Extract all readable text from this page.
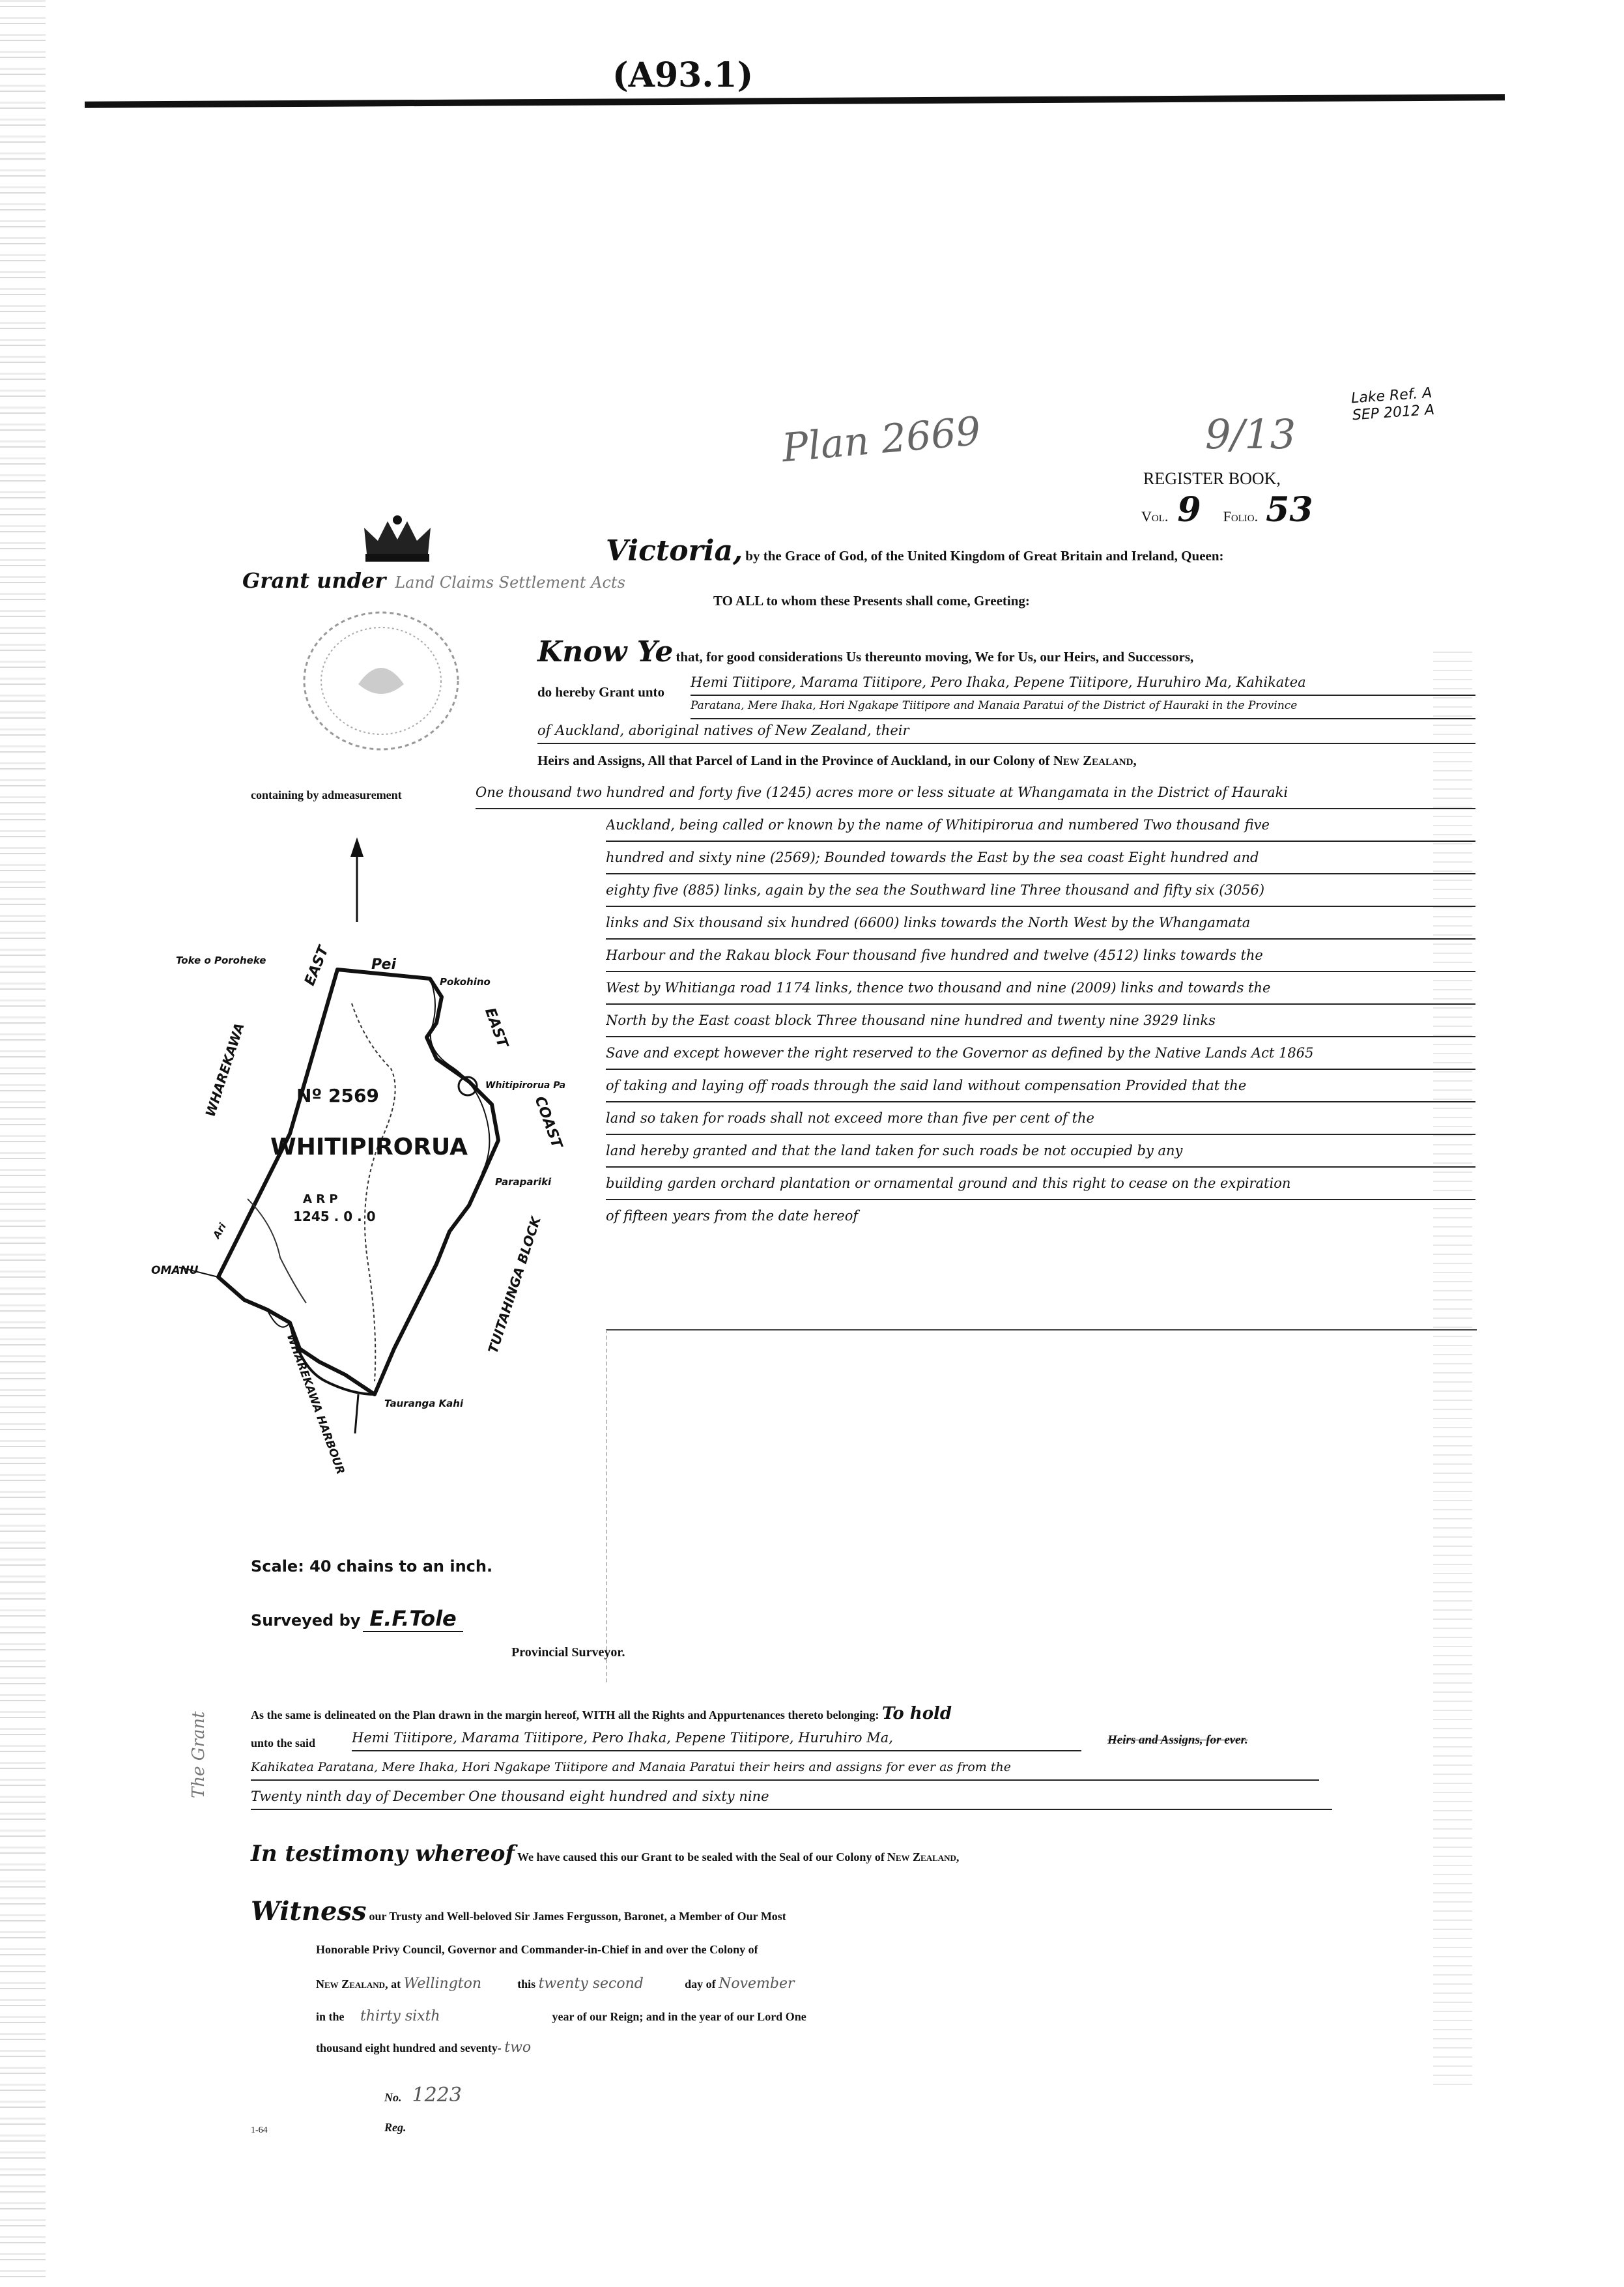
(A93.1)
Plan 2669	9/13
Lake Ref. A
SEP 2012 A
REGISTER BOOK,
Vol. 9 Folio. 53
Grant under Land Claims Settlement Acts
Victoria, by the Grace of God, of the United Kingdom of Great Britain and Ireland, Queen:
TO ALL to whom these Presents shall come, Greeting:
Know Ye that, for good considerations Us thereunto moving, We for Us, our Heirs, and Successors,
do hereby Grant unto
Hemi Tiitipore, Marama Tiitipore, Pero Ihaka, Pepene Tiitipore, Huruhiro Ma, Kahikatea
Paratana, Mere Ihaka, Hori Ngakape Tiitipore and Manaia Paratui of the District of Hauraki in the Province
of Auckland, aboriginal natives of New Zealand, their
Heirs and Assigns, All that Parcel of Land in the Province of Auckland, in our Colony of New Zealand,
containing by admeasurement	One thousand two hundred and forty five (1245) acres more or less situate at Whangamata in the District of Hauraki
Auckland, being called or known by the name of Whitipirorua and numbered Two thousand five
hundred and sixty nine (2569); Bounded towards the East by the sea coast Eight hundred and
eighty five (885) links, again by the sea the Southward line Three thousand and fifty six (3056)
links and Six thousand six hundred (6600) links towards the North West by the Whangamata
Harbour and the Rakau block Four thousand five hundred and twelve (4512) links towards the
West by Whitianga road 1174 links, thence two thousand and nine (2009) links and towards the
North by the East coast block Three thousand nine hundred and twenty nine 3929 links
Save and except however the right reserved to the Governor as defined by the Native Lands Act 1865
of taking and laying off roads through the said land without compensation Provided that the
land so taken for roads shall not exceed more than five per cent of the
land hereby granted and that the land taken for such roads be not occupied by any
building garden orchard plantation or ornamental ground and this right to cease on the expiration
of fifteen years from the date hereof
Toke o Poroheke EAST	Pei
Pokohino
EAST
Nº 2569	Whitipirorua Pa
COAST
WHAREKAWA
WHITIPIRORUA
Parapariki
A R P
1245 . 0 . 0
OMANU	TUITAHINGA BLOCK
Ari
WHAREKAWA HARBOUR	Tauranga Kahi
Scale: 40 chains to an inch.
Surveyed by E.F.Tole
Provincial Surveyor.
As the same is delineated on the Plan drawn in the margin hereof, WITH all the Rights and Appurtenances thereto belonging: To hold
unto the said	Hemi Tiitipore, Marama Tiitipore, Pero Ihaka, Pepene Tiitipore, Huruhiro Ma,	Heirs and Assigns, for ever.
Kahikatea Paratana, Mere Ihaka, Hori Ngakape Tiitipore and Manaia Paratui their heirs and assigns for ever as from the
Twenty ninth day of December One thousand eight hundred and sixty nine
The Grant
In testimony whereof We have caused this our Grant to be sealed with the Seal of our Colony of New Zealand,
Witness our Trusty and Well-beloved Sir James Fergusson, Baronet, a Member of Our Most
Honorable Privy Council, Governor and Commander-in-Chief in and over the Colony of
New Zealand, at Wellington	this twenty second	day of November
in the thirty sixth	year of our Reign; and in the year of our Lord One
thousand eight hundred and seventy- two
No. 1223
Reg.
1-64
